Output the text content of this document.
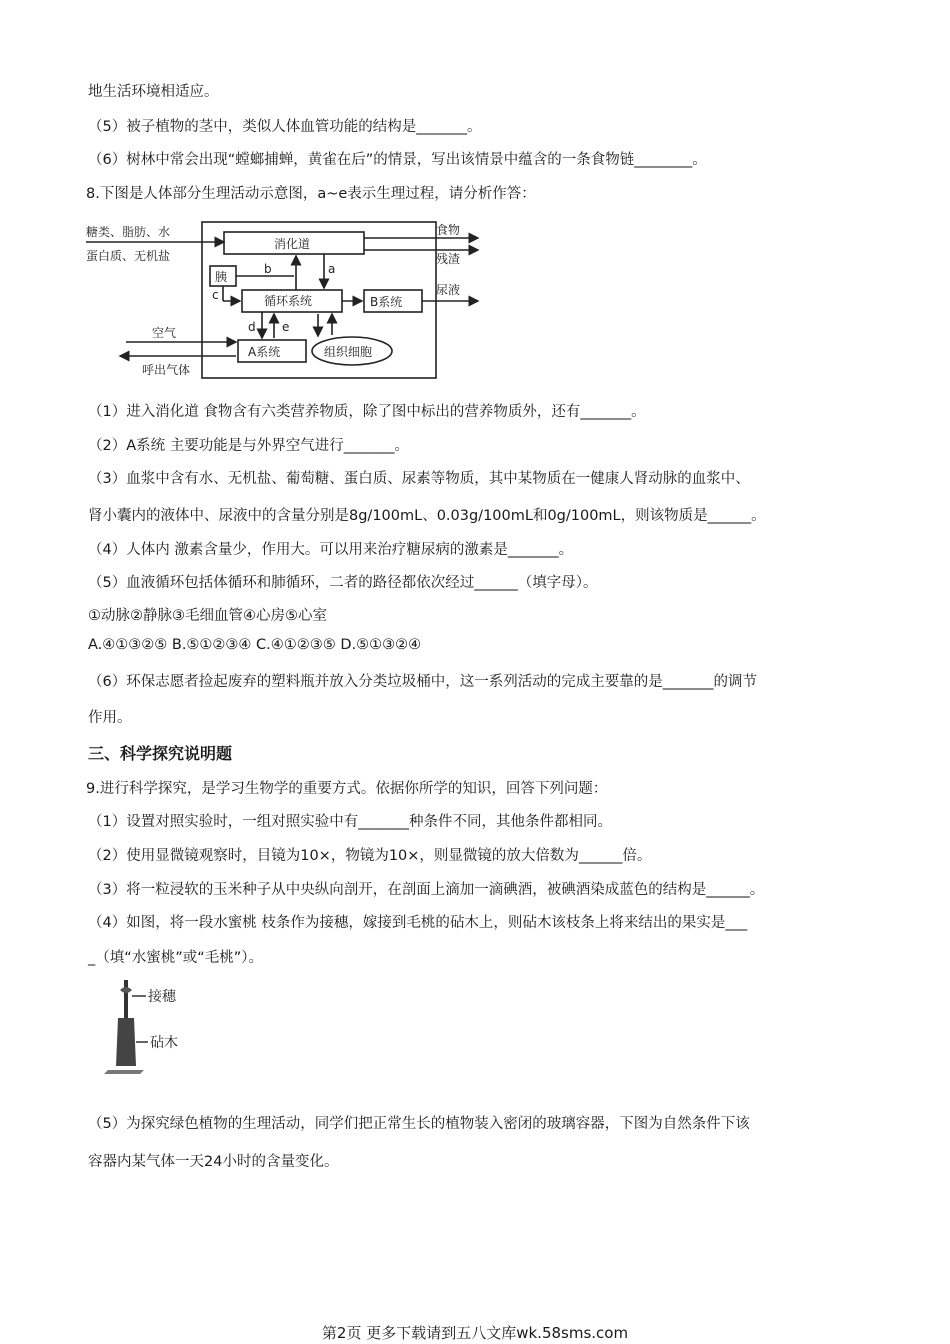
地生活环境相适应。
（5）被子植物的茎中，类似人体血管功能的结构是_______。
（6）树林中常会出现“螳螂捕蝉，黄雀在后”的情景，写出该情景中蕴含的一条食物链________。
8.下图是人体部分生理活动示意图，a~e表示生理过程，请分析作答：
糖类、脂肪、水
蛋白质、无机盐
消化道
食物
残渣
胰
循环系统	B系统
尿液
空气
呼出气体
A系统	组织细胞
a
b
c
d e
（1）进入消化道 食物含有六类营养物质，除了图中标出的营养物质外，还有_______。
（2）A系统 主要功能是与外界空气进行_______。
（3）血浆中含有水、无机盐、葡萄糖、蛋白质、尿素等物质，其中某物质在一健康人肾动脉的血浆中、
肾小囊内的液体中、尿液中的含量分别是8g/100mL、0.03g/100mL和0g/100mL，则该物质是______。
（4）人体内 激素含量少，作用大。可以用来治疗糖尿病的激素是_______。
（5）血液循环包括体循环和肺循环，二者的路径都依次经过______（填字母）。
①动脉②静脉③毛细血管④心房⑤心室
A.④①③②⑤ B.⑤①②③④ C.④①②③⑤ D.⑤①③②④
（6）环保志愿者捡起废弃的塑料瓶并放入分类垃圾桶中，这一系列活动的完成主要靠的是_______的调节
作用。
三、科学探究说明题
9.进行科学探究，是学习生物学的重要方式。依据你所学的知识，回答下列问题：
（1）设置对照实验时，一组对照实验中有_______种条件不同，其他条件都相同。
（2）使用显微镜观察时，目镜为10×，物镜为10×，则显微镜的放大倍数为______倍。
（3）将一粒浸软的玉米种子从中央纵向剖开，在剖面上滴加一滴碘酒，被碘酒染成蓝色的结构是______。
（4）如图，将一段水蜜桃 枝条作为接穗，嫁接到毛桃的砧木上，则砧木该枝条上将来结出的果实是___
_（填“水蜜桃”或“毛桃”）。
接穗
砧木
（5）为探究绿色植物的生理活动，同学们把正常生长的植物装入密闭的玻璃容器，下图为自然条件下该
容器内某气体一天24小时的含量变化。
第2页 更多下载请到五八文库wk.58sms.com
